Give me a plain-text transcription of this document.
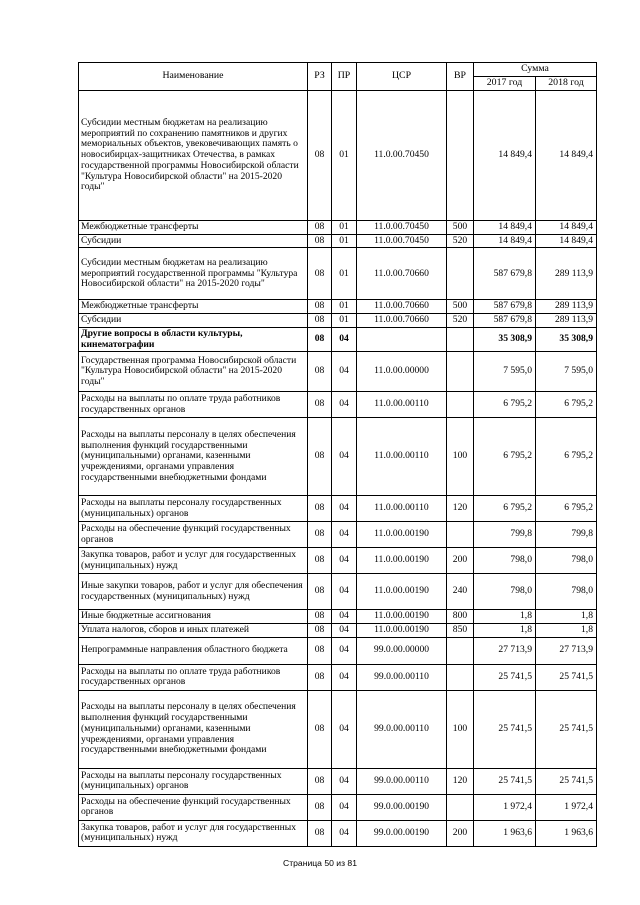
Наименование	РЗ	ПР	ЦСР	ВР	Сумма	
					2017 год	2018 год
Субсидии местным бюджетам на реализацию мероприятий по сохранению памятников и других мемориальных объектов, увековечивающих память о новосибирцах-защитниках Отечества, в рамках государственной программы Новосибирской области "Культура Новосибирской области" на 2015-2020 годы"	08	01	11.0.00.70450		14 849,4	14 849,4
Межбюджетные трансферты	08	01	11.0.00.70450	500	14 849,4	14 849,4
Субсидии	08	01	11.0.00.70450	520	14 849,4	14 849,4
Субсидии местным бюджетам на реализацию мероприятий государственной программы "Культура Новосибирской области" на 2015-2020 годы"	08	01	11.0.00.70660		587 679,8	289 113,9
Межбюджетные трансферты	08	01	11.0.00.70660	500	587 679,8	289 113,9
Субсидии	08	01	11.0.00.70660	520	587 679,8	289 113,9
Другие вопросы в области культуры, кинематографии	08	04			35 308,9	35 308,9
Государственная программа Новосибирской области "Культура Новосибирской области" на 2015-2020 годы"	08	04	11.0.00.00000		7 595,0	7 595,0
Расходы на выплаты по оплате труда работников государственных органов	08	04	11.0.00.00110		6 795,2	6 795,2
Расходы на выплаты персоналу в целях обеспечения выполнения функций государственными (муниципальными) органами, казенными учреждениями, органами управления государственными внебюджетными фондами	08	04	11.0.00.00110	100	6 795,2	6 795,2
Расходы на выплаты персоналу государственных (муниципальных) органов	08	04	11.0.00.00110	120	6 795,2	6 795,2
Расходы на обеспечение функций государственных органов	08	04	11.0.00.00190		799,8	799,8
Закупка товаров, работ и услуг для государственных (муниципальных) нужд	08	04	11.0.00.00190	200	798,0	798,0
Иные закупки товаров, работ и услуг для обеспечения государственных (муниципальных) нужд	08	04	11.0.00.00190	240	798,0	798,0
Иные бюджетные ассигнования	08	04	11.0.00.00190	800	1,8	1,8
Уплата налогов, сборов и иных платежей	08	04	11.0.00.00190	850	1,8	1,8
Непрограммные направления областного бюджета	08	04	99.0.00.00000		27 713,9	27 713,9
Расходы на выплаты по оплате труда работников государственных органов	08	04	99.0.00.00110		25 741,5	25 741,5
Расходы на выплаты персоналу в целях обеспечения выполнения функций государственными (муниципальными) органами, казенными учреждениями, органами управления государственными внебюджетными фондами	08	04	99.0.00.00110	100	25 741,5	25 741,5
Расходы на выплаты персоналу государственных (муниципальных) органов	08	04	99.0.00.00110	120	25 741,5	25 741,5
Расходы на обеспечение функций государственных органов	08	04	99.0.00.00190		1 972,4	1 972,4
Закупка товаров, работ и услуг для государственных (муниципальных) нужд	08	04	99.0.00.00190	200	1 963,6	1 963,6
Страница 50 из 81
